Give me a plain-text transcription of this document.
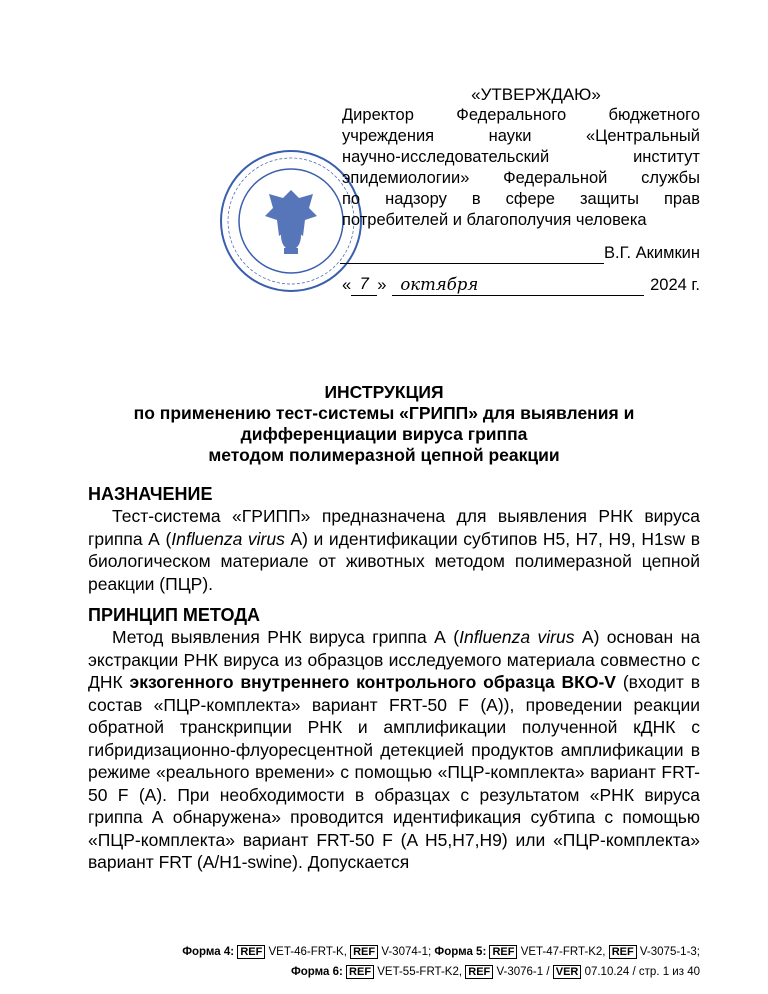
«УТВЕРЖДАЮ»
Директор Федерального бюджетного
учреждения науки «Центральный
научно-исследовательский институт
эпидемиологии» Федеральной службы
по надзору в сфере защиты прав
потребителей и благополучия человека
В.Г. Акимкин
« 7 » октября	2024 г.
ИНСТРУКЦИЯ
по применению тест-системы «ГРИПП» для выявления и
дифференциации вируса гриппа
методом полимеразной цепной реакции
НАЗНАЧЕНИЕ

Тест-система «ГРИПП» предназначена для выявления РНК вируса гриппа А (Influenza virus А) и идентификации субтипов H5, H7, H9, H1sw в биологическом материале от животных методом полимеразной цепной реакции (ПЦР).

ПРИНЦИП МЕТОДА

Метод выявления РНК вируса гриппа А (Influenza virus А) основан на экстракции РНК вируса из образцов исследуемого материала совместно с ДНК экзогенного внутреннего контрольного образца ВКО-V (входит в состав «ПЦР-комплекта» вариант FRT-50 F (А)), проведении реакции обратной транскрипции РНК и амплификации полученной кДНК с гибридизационно-флуоресцентной детекцией продуктов амплификации в режиме «реального времени» с помощью «ПЦР-комплекта» вариант FRT-50 F (А). При необходимости в образцах с результатом «РНК вируса гриппа А обнаружена» проводится идентификация субтипа с помощью «ПЦР-комплекта» вариант FRT-50 F (A H5,H7,H9) или «ПЦР-комплекта» вариант FRT (A/H1-swine). Допускается

Форма 4: REF VET-46-FRT-K, REF V-3074-1; Форма 5: REF VET-47-FRT-K2, REF V-3075-1-3;
Форма 6: REF VET-55-FRT-K2, REF V-3076-1 / VER 07.10.24 / стр. 1 из 40
